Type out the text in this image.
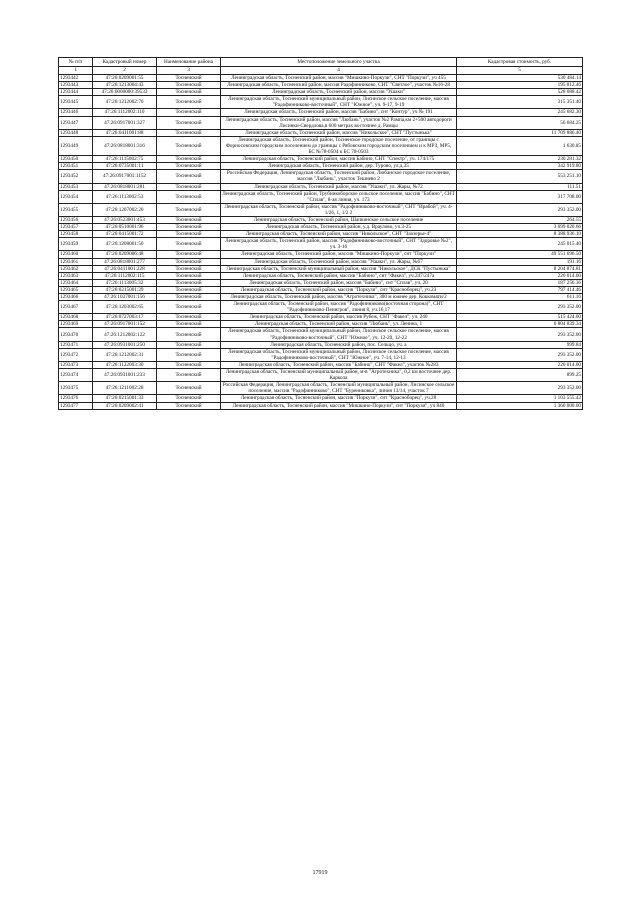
№ п/п	Кадастровый номер	Наименование района	Местоположение земельного участка	Кадастровая стоимость, руб.
1	2	3	4	5
1293442	47:26:0209001:55	Тосненский	Ленинградская область, Тосненский район, массив "Мишкино-Поркузи", СНТ "Поркузи", уч 455	530 484.14
1293443	47:26:1213004:43	Тосненский	Ленинградская область, Тосненский район, массив Радофинниково, СНТ "Светлое", участок №16-28	195 812.46
1293444	47:26:0000000:39533	Тосненский	Ленинградская область, Тосненский район, массив "Ушаки"	528 088.42
1293445	47:26:1212002:70	Тосненский	Ленинградская область, Тосненский муниципальный район, Лисинское сельское поселение, массив "Радофинниково-восточный", СНТ "Южное", уч. 9-17, 9-19	315 351.40
1293446	47:26:1112002:110	Тосненский	Ленинградская область, Тосненский район, массив "Бабино", снт "Контур", уч № 191	245 682.30
1293447	47:26:0917001:327	Тосненский	Ленинградская область, Тосненский район, массив "Любань", участок №2 Рампа,км 2+500 автодороги Лисинки-Свердлова,в 600 метрах восточнее д. Рамцы	56 684.25
1293448	47:26:0411001:88	Тосненский	Ленинградская область, Тосненский район, массив "Никольское", СНТ "Пустынька"	11 709 886.40
1293449	47:26:0818001:316	Тосненский	Ленинградская область, Тосненский район, Тосненское городское поселение, от границы с Форносовским городским поселением до границы с Рябовским городским поселением и к МРЗ, МР5, БС №78-0504 к БС 78-0503	1 630.85
1293450	47:26:1115002:75	Тосненский	Ленинградская область, Тосненский район, массив Бабино, СНТ "Спектр", уч. 174/175	230 281.32
1293451	47:26:0735001:11	Тосненский	Ленинградская область, Тосненский район, дер. Турово, ул.д.35	342 919.80
1293452	47:26:0917001:1152	Тосненский	Российская Федерация, Ленинградская область, Тосненский район, Любанское городское поселение, массив "Любань", участок Тешнево 2	553 251.10
1293453	47:26:0818001:281	Тосненский	Ленинградская область, Тосненский район, массив "Ушаки", ул. Жары, №72	111.51
1293454	47:26:1113002:53	Тосненский	Ленинградская область, Тосненский район, Трубникоборское сельское поселение, массив "Бабино", СНТ "Сплав", 8-ая линия, уч. 173	317 708.00
1293455	47:26:1207002:20	Тосненский	Ленинградская область, Тосненский район, массив "Радофинниково-восточный", СНТ "Ирабой", уч. 4-1/26, 1, 1/2 2	293 352.00
1293456	47:26:0523001:453	Тосненский	Ленинградская область, Тосненский район, Шапкинское сельское поселение	264.55
1293457	47:26:0510001:96	Тосненский	Ленинградская область, Тосненский район, у.д. Враулово, уч.3-25	3 699 020.66
1293458	47:26:0415001:72	Тосненский	Ленинградская область, Тосненский район, массив "Никольское", СНТ "Заозерье-4"	8 388 936.10
1293459	47:26:1208001:50	Тосненский	Ленинградская область, Тосненский район, массив "Радофинниково-восточный", СНТ "Здоровье №2", уч. 3-16	245 015.40
1293460	47:26:0209006:48	Тосненский	Ленинградская область, Тосненский район, массив "Мишкино-Поркузи", снт "Поркузи"	49 551 696.50
1293461	47:26:0818001:277	Тосненский	Ленинградская область, Тосненский район, массив "Ушаки", ул. Жары, №67	191.16
1293462	47:26:0411001:228	Тосненский	Ленинградская область, Тосненский муниципальный район, массив "Никольское", ДСК "Пустынька"	8 204 874.81
1293463	47:26:1112002:115	Тосненский	Ленинградская область, Тосненский район, массив "Бабино", снт "Факел", уч.247/247а	220 014.00
1293464	47:26:1113005:32	Тосненский	Ленинградская область, Тосненский район, массив "Бабино", снт "Сплав", уч. 20	187 256.36
1293465	47:26:0215001:29	Тосненский	Ленинградская область, Тосненский район, массив "Поркузи", снт "Красноборец", уч.23	797 414.46
1293466	47:26:1037001:156	Тосненский	Ленинградская область, Тосненский район, массив "Агротехника", 300 м южнее дер. Коккомяги/2	611.16
1293467	47:26:1203002:65	Тосненский	Ленинградская область, Тосненский район, массив "Радофинниково(восточная сторона)", СНТ "Радофинниково-Пенигров", линия 8, уч.16,17	293 352.00
1293468	47:26:0727003:17	Тосненский	Ленинградская область, Тосненский район, массив Рубеж, СНТ "Факел", уч. 240	515 424.00
1293469	47:26:0917001:152	Тосненский	Ленинградская область, Тосненский район, массив "Любань", ул. Ленина, 1	6 804 839.34
1293470	47:26:1212002:122	Тосненский	Ленинградская область, Тосненский муниципальный район, Лисинское сельское поселение, массив "Радофинниково-восточный", СНТ "Южное", уч. 12-20, 12-22	293 352.00
1293471	47:26:0931001:250	Тосненский	Ленинградская область, Тосненский район, пос. Сельцо, уч. а	999.84
1293472	47:26:1212002:31	Тосненский	Ленинградская область, Тосненский муниципальный район, Лисинское сельское поселение, массив "Радофинниково-восточный", СНТ "Южное", уч. 7-14, 12-13	293 352.00
1293473	47:26:1122003:30	Тосненский	Ленинградская область, Тосненский район, массив "Бабино", СНТ "Факел", участок №283	220 014.00
1293474	47:26:0931001:233	Тосненский	Ленинградская область, Тосненский муниципальный район, м-в "Агротехника", 0,2 км восточнее дер. Каркола	899.25
1293475	47:26:1211002:28	Тосненский	Российская Федерация, Ленинградская область, Тосненский муниципальный район, Лисинское сельское поселение, массив "Радофинниково", СНТ "Бурениковка", линия 13/14, участок 7	293 352.00
1293476	47:26:0215001:33	Тосненский	Ленинградская область, Тосненский район, массив "Поркузи", снт "Красноборец", уч.28	1 103 555.42
1293477	47:26:0209002:41	Тосненский	Ленинградская область, Тосненский район, массив "Мишкино-Поркузи", снт "Поркузи", уч 840	1 360 000.00
17919
